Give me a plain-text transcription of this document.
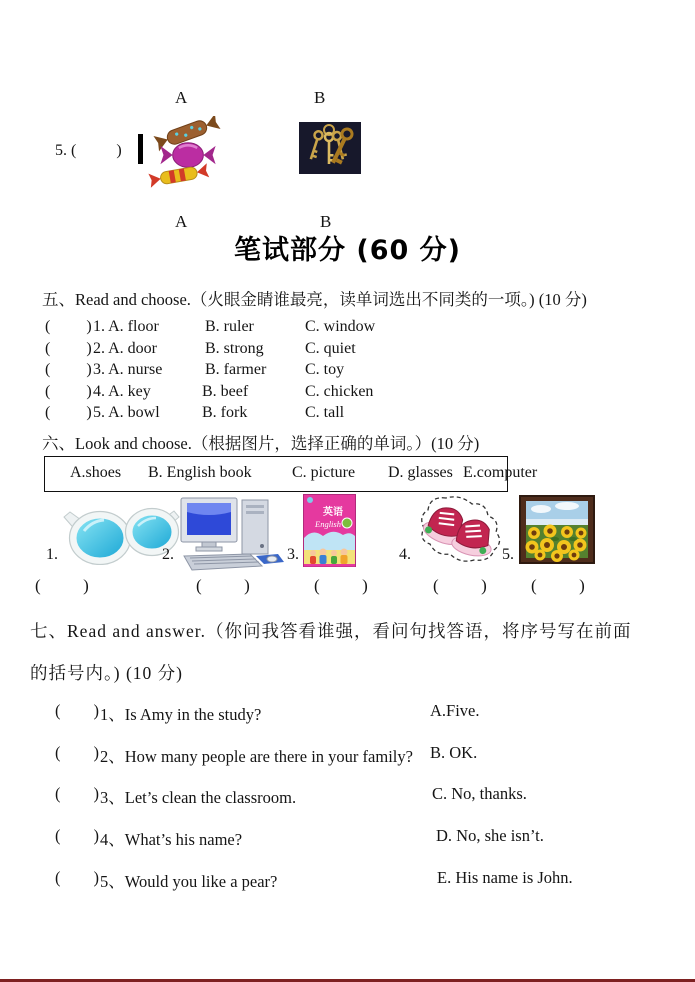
A	B
5. (          )
A	B
笔试部分 (60 分)
五、Read and choose.（火眼金睛谁最亮，读单词选出不同类的一项。) (10 分)
(         ) 1. A. floor	B. ruler	C. window
(         ) 2. A. door	B. strong	C. quiet
(         ) 3. A. nurse	B. farmer C. toy
(         ) 4. A. key	B. beef	C. chicken
(         ) 5. A. bowl	B. fork	C. tall
六、Look and choose.（根据图片，选择正确的单词。）(10 分)
A.shoes B. English book	C. picture D. glasses E.computer
1.	2.	3.
英语
English
4.	5.
(          )	(          )	(          )	(          )	(          )
七、Read and answer.（你问我答看谁强，看问句找答语，将序号写在前面
的括号内。) (10 分)
(        ) 1、Is Amy in the study?	A.Five.
(        ) 2、How many people are there in your family? B. OK.
(        ) 3、Let’s clean the classroom.	C. No, thanks.
(        ) 4、What’s his name?	D. No, she isn’t.
(        ) 5、Would you like a pear?	E. His name is John.
